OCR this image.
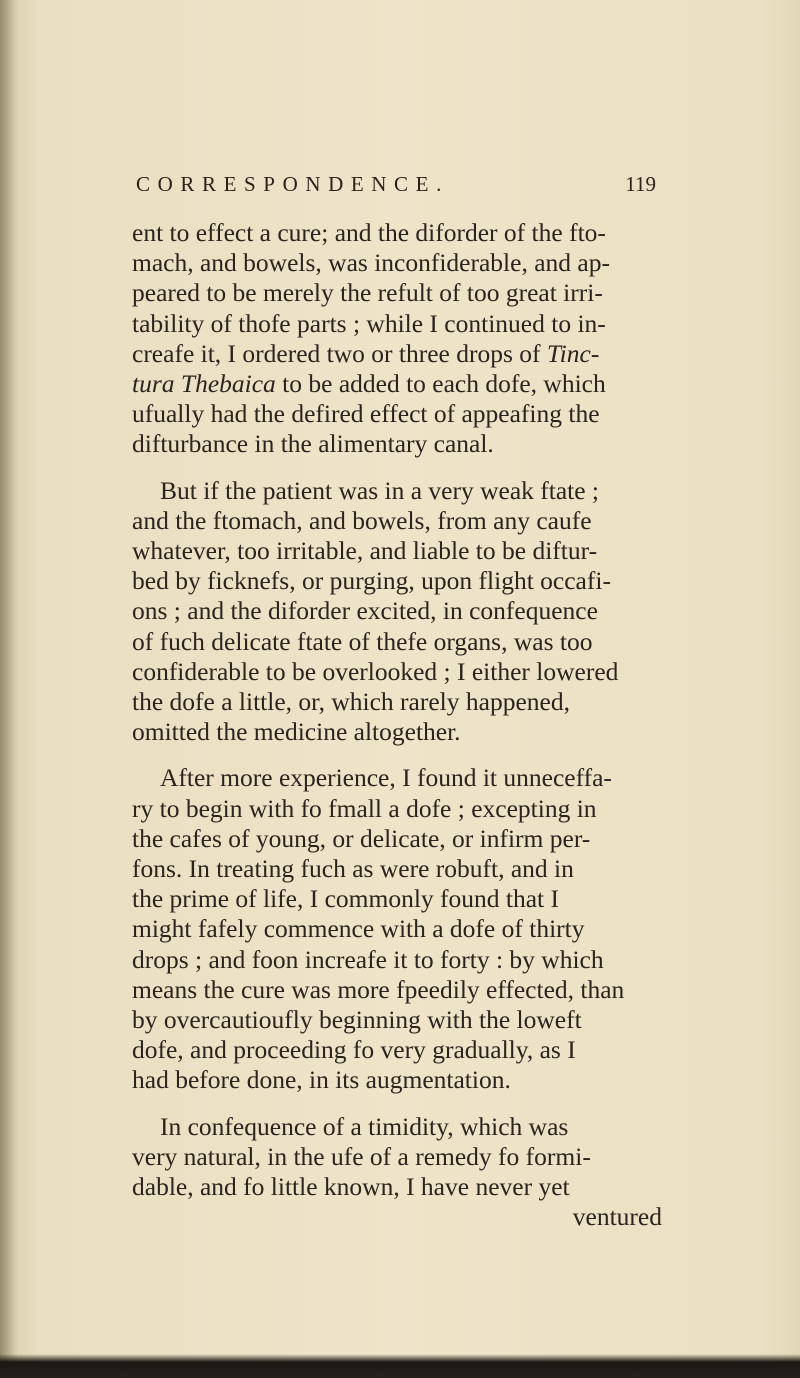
CORRESPONDENCE.	119

ent to effect a cure; and the diforder of the fto-
mach, and bowels, was inconfiderable, and ap-
peared to be merely the refult of too great irri-
tability of thofe parts ; while I continued to in-
creafe it, I ordered two or three drops of Tinc-
tura Thebaica to be added to each dofe, which
ufually had the defired effect of appeafing the
difturbance in the alimentary canal.

But if the patient was in a very weak ftate ;
and the ftomach, and bowels, from any caufe
whatever, too irritable, and liable to be diftur-
bed by ficknefs, or purging, upon flight occafi-
ons ; and the diforder excited, in confequence
of fuch delicate ftate of thefe organs, was too
confiderable to be overlooked ; I either lowered
the dofe a little, or, which rarely happened,
omitted the medicine altogether.

After more experience, I found it unneceffa-
ry to begin with fo fmall a dofe ; excepting in
the cafes of young, or delicate, or infirm per-
fons. In treating fuch as were robuft, and in
the prime of life, I commonly found that I
might fafely commence with a dofe of thirty
drops ; and foon increafe it to forty : by which
means the cure was more fpeedily effected, than
by overcautioufly beginning with the loweft
dofe, and proceeding fo very gradually, as I
had before done, in its augmentation.

In confequence of a timidity, which was
very natural, in the ufe of a remedy fo formi-
dable, and fo little known, I have never yet
ventured
